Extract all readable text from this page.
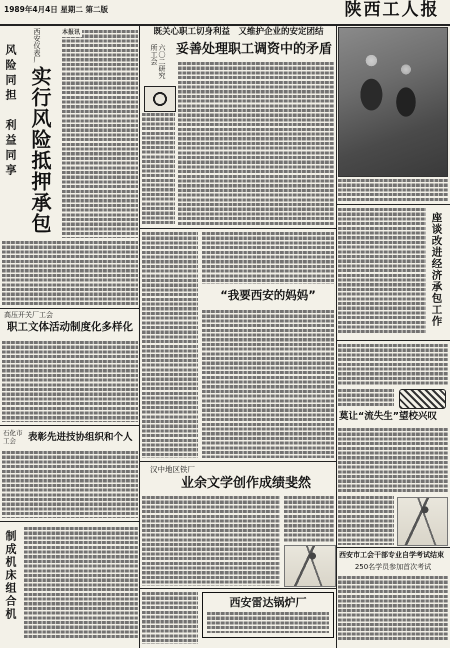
1989年4月4日 星期二 第二版	陕西工人报
风险同担　利益同享 西安仪表厂
实行风险抵押承包
本报讯
高压开关厂工会
职工文体活动制度化多样化
石化市工会	表彰先进技协组织和个人
制成机床组合机
既关心职工切身利益　又维护企业的安定团结
六〇二研究所工会	妥善处理职工调资中的矛盾
“我要西安的妈妈”
汉中地区铁厂
业余文学创作成绩斐然
西安雷达锅炉厂
座谈改进经济承包工作
莫让“流失生”望校兴叹
西安市工会干部专业自学考试结束
250名学员参加首次考试
